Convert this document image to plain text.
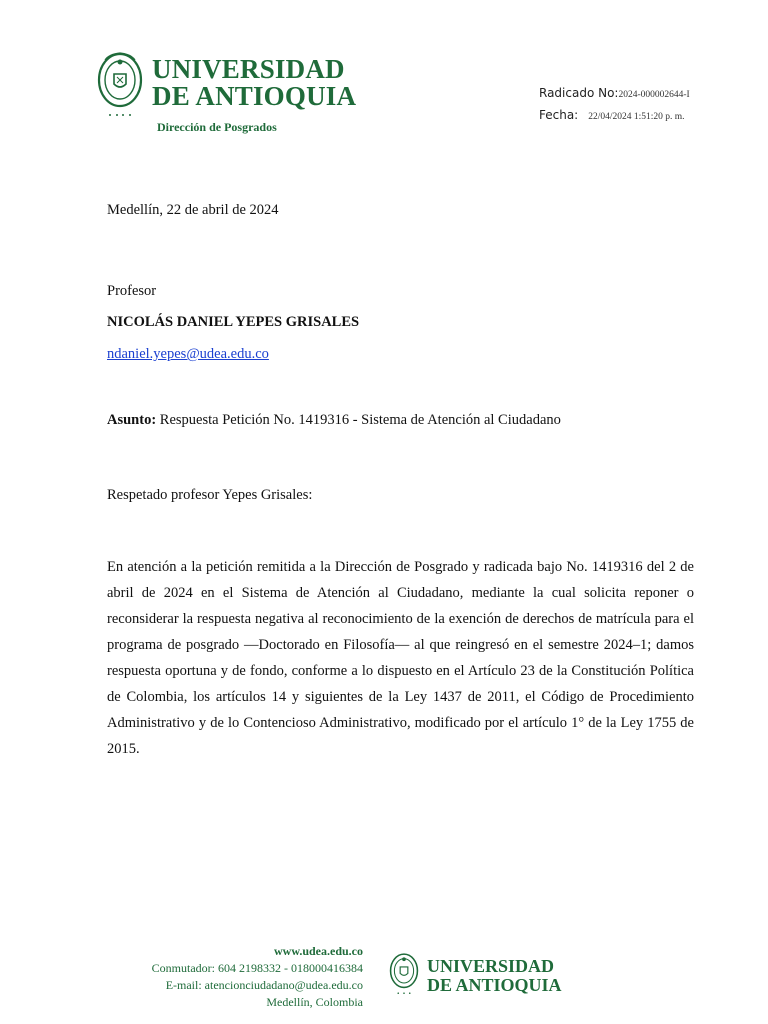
UNIVERSIDAD
DE ANTIOQUIA
Dirección de Posgrados
Radicado No:2024-000002644-I
Fecha: 22/04/2024 1:51:20 p. m.
Medellín, 22 de abril de 2024
Profesor
NICOLÁS DANIEL YEPES GRISALES
ndaniel.yepes@udea.edu.co
Asunto: Respuesta Petición No. 1419316 - Sistema de Atención al Ciudadano
Respetado profesor Yepes Grisales:
En atención a la petición remitida a la Dirección de Posgrado y radicada bajo No. 1419316 del 2 de abril de 2024 en el Sistema de Atención al Ciudadano, mediante la cual solicita reponer o reconsiderar la respuesta negativa al reconocimiento de la exención de derechos de matrícula para el programa de posgrado —Doctorado en Filosofía— al que reingresó en el semestre 2024–1; damos respuesta oportuna y de fondo, conforme a lo dispuesto en el Artículo 23 de la Constitución Política de Colombia, los artículos 14 y siguientes de la Ley 1437 de 2011, el Código de Procedimiento Administrativo y de lo Contencioso Administrativo, modificado por el artículo 1° de la Ley 1755 de 2015.
www.udea.edu.co
Conmutador: 604 2198332 - 018000416384
E-mail: atencionciudadano@udea.edu.co
Medellín, Colombia
UNIVERSIDAD
DE ANTIOQUIA
